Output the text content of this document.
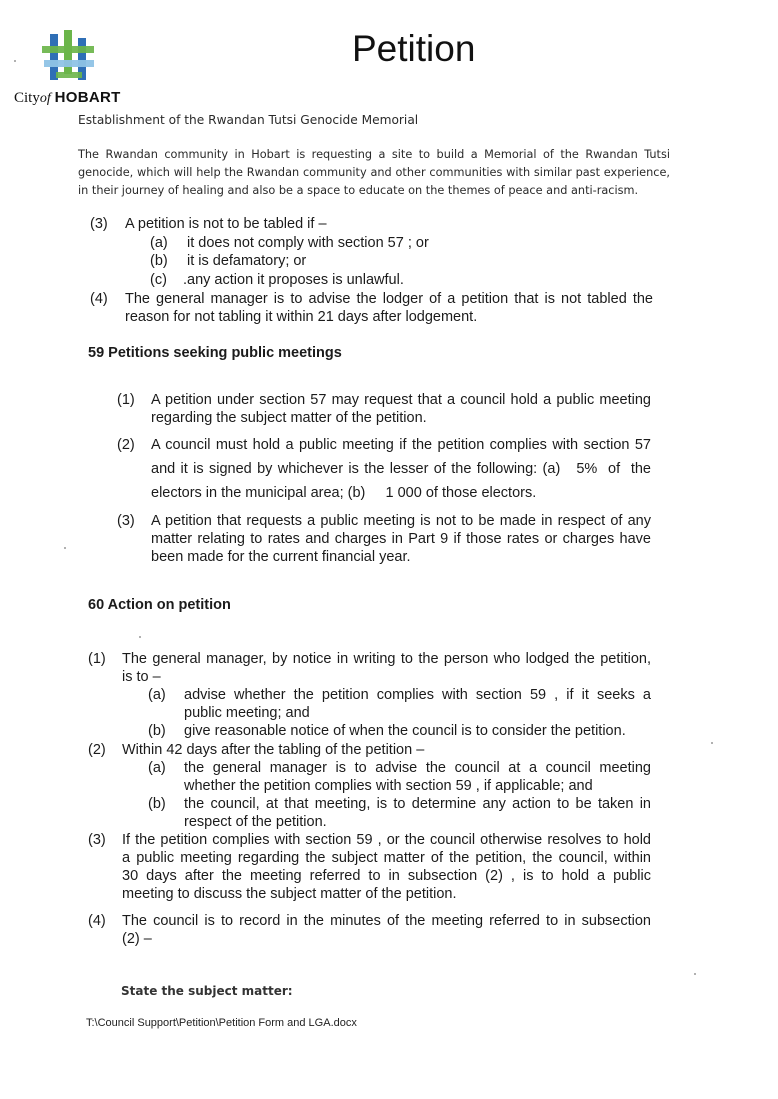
Cityof HOBART
Petition
Establishment of the Rwandan Tutsi Genocide Memorial
The Rwandan community in Hobart is requesting a site to build a Memorial of the Rwandan Tutsi genocide, which will help the Rwandan community and other communities with similar past experience, in their journey of healing and also be a space to educate on the themes of peace and anti-racism.
(3) A petition is not to be tabled if –
(a) it does not comply with section 57 ; or
(b) it is defamatory; or
(c) .any action it proposes is unlawful.
(4) The general manager is to advise the lodger of a petition that is not tabled the
reason for not tabling it within 21 days after lodgement.
59 Petitions seeking public meetings
(1) A petition under section 57 may request that a council hold a public meeting
regarding the subject matter of the petition.
(2) A council must hold a public meeting if the petition complies with section 57
and it is signed by whichever is the lesser of the following: (a)   5%  of  the
electors in the municipal area; (b)     1 000 of those electors.
(3) A petition that requests a public meeting is not to be made in respect of any
matter relating to rates and charges in Part 9 if those rates or charges have
been made for the current financial year.
60 Action on petition
(1) The general manager, by notice in writing to the person who lodged the petition,
is to –
(a) advise whether the petition complies with section 59 , if it seeks a
public meeting; and
(b) give reasonable notice of when the council is to consider the petition.
(2) Within 42 days after the tabling of the petition –
(a) the general manager is to advise the council at a council meeting
whether the petition complies with section 59 , if applicable; and
(b) the council, at that meeting, is to determine any action to be taken in
respect of the petition.
(3) If the petition complies with section 59 , or the council otherwise resolves to hold
a public meeting regarding the subject matter of the petition, the council, within
30 days after the meeting referred to in subsection (2) , is to hold a public
meeting to discuss the subject matter of the petition.
(4) The council is to record in the minutes of the meeting referred to in subsection
(2) –
State the subject matter:
T:\Council Support\Petition\Petition Form and LGA.docx
